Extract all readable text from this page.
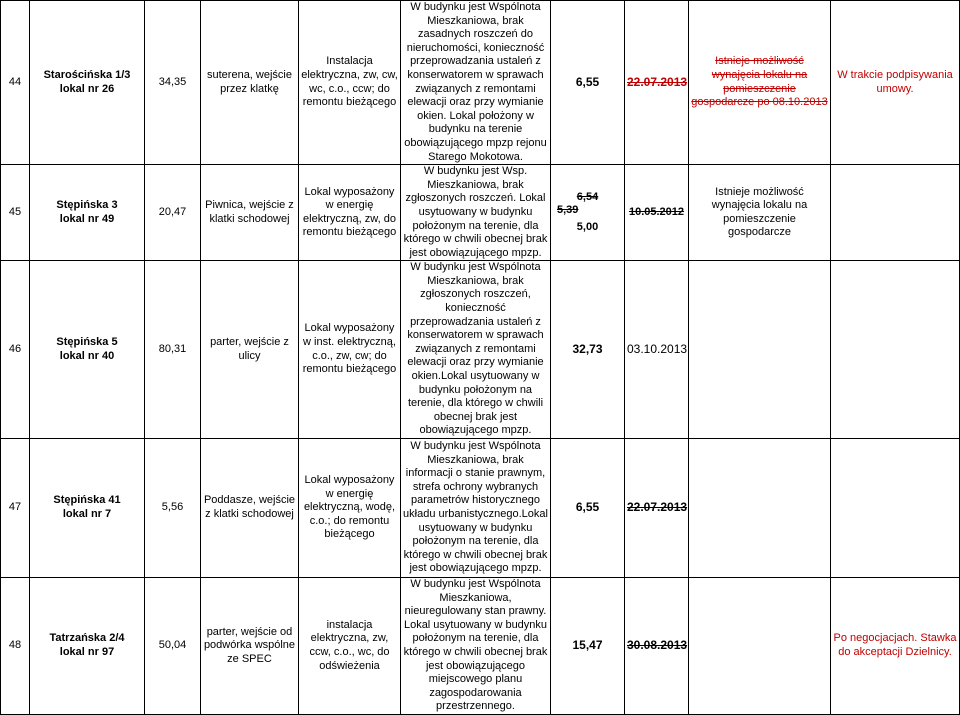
44	Starościńska 1/3
lokal nr 26	34,35	suterena, wejście przez klatkę	Instalacja elektryczna, zw, cw, wc, c.o., ccw; do remontu bieżącego	W budynku jest Wspólnota Mieszkaniowa, brak zasadnych roszczeń do nieruchomości, konieczność przeprowadzania ustaleń z konserwatorem w sprawach związanych z remontami elewacji oraz przy wymianie okien. Lokal położony w budynku na terenie obowiązującego mpzp rejonu Starego Mokotowa.	6,55	22.07.2013	Istnieje możliwość wynajęcia lokalu na pomieszczenie gospodarcze po 08.10.2013	W trakcie podpisywania umowy.
45	Stępińska 3
lokal nr 49	20,47	Piwnica, wejście z klatki schodowej	Lokal wyposażony w energię elektryczną, zw, do remontu bieżącego	W budynku jest Wsp. Mieszkaniowa, brak zgłoszonych roszczeń. Lokal usytuowany w budynku położonym na terenie, dla którego w chwili obecnej brak jest obowiązującego mpzp.	6,54
5,39
5,00	10.05.2012	Istnieje możliwość wynajęcia lokalu na pomieszczenie gospodarcze	
46	Stępińska 5
lokal nr 40	80,31	parter, wejście z ulicy	Lokal wyposażony w inst. elektryczną, c.o., zw, cw; do remontu bieżącego	W budynku jest Wspólnota Mieszkaniowa, brak zgłoszonych roszczeń, konieczność przeprowadzania ustaleń z konserwatorem w sprawach związanych z remontami elewacji oraz przy wymianie okien.Lokal usytuowany w budynku położonym na terenie, dla którego w chwili obecnej brak jest obowiązującego mpzp.	32,73	03.10.2013		
47	Stępińska 41
lokal nr 7	5,56	Poddasze, wejście z klatki schodowej	Lokal wyposażony w energię elektryczną, wodę, c.o.; do remontu bieżącego	W budynku jest Wspólnota Mieszkaniowa, brak informacji o stanie prawnym, strefa ochrony wybranych parametrów historycznego układu urbanistycznego.Lokal usytuowany w budynku położonym na terenie, dla którego w chwili obecnej brak jest obowiązującego mpzp.	6,55	22.07.2013		
48	Tatrzańska 2/4
lokal nr 97	50,04	parter, wejście od podwórka wspólne ze SPEC	instalacja elektryczna, zw, ccw, c.o., wc, do odświeżenia	W budynku jest Wspólnota Mieszkaniowa, nieuregulowany stan prawny. Lokal usytuowany w budynku położonym na terenie, dla którego w chwili obecnej brak jest obowiązującego miejscowego planu zagospodarowania przestrzennego.	15,47	30.08.2013		Po negocjacjach. Stawka do akceptacji Dzielnicy.
